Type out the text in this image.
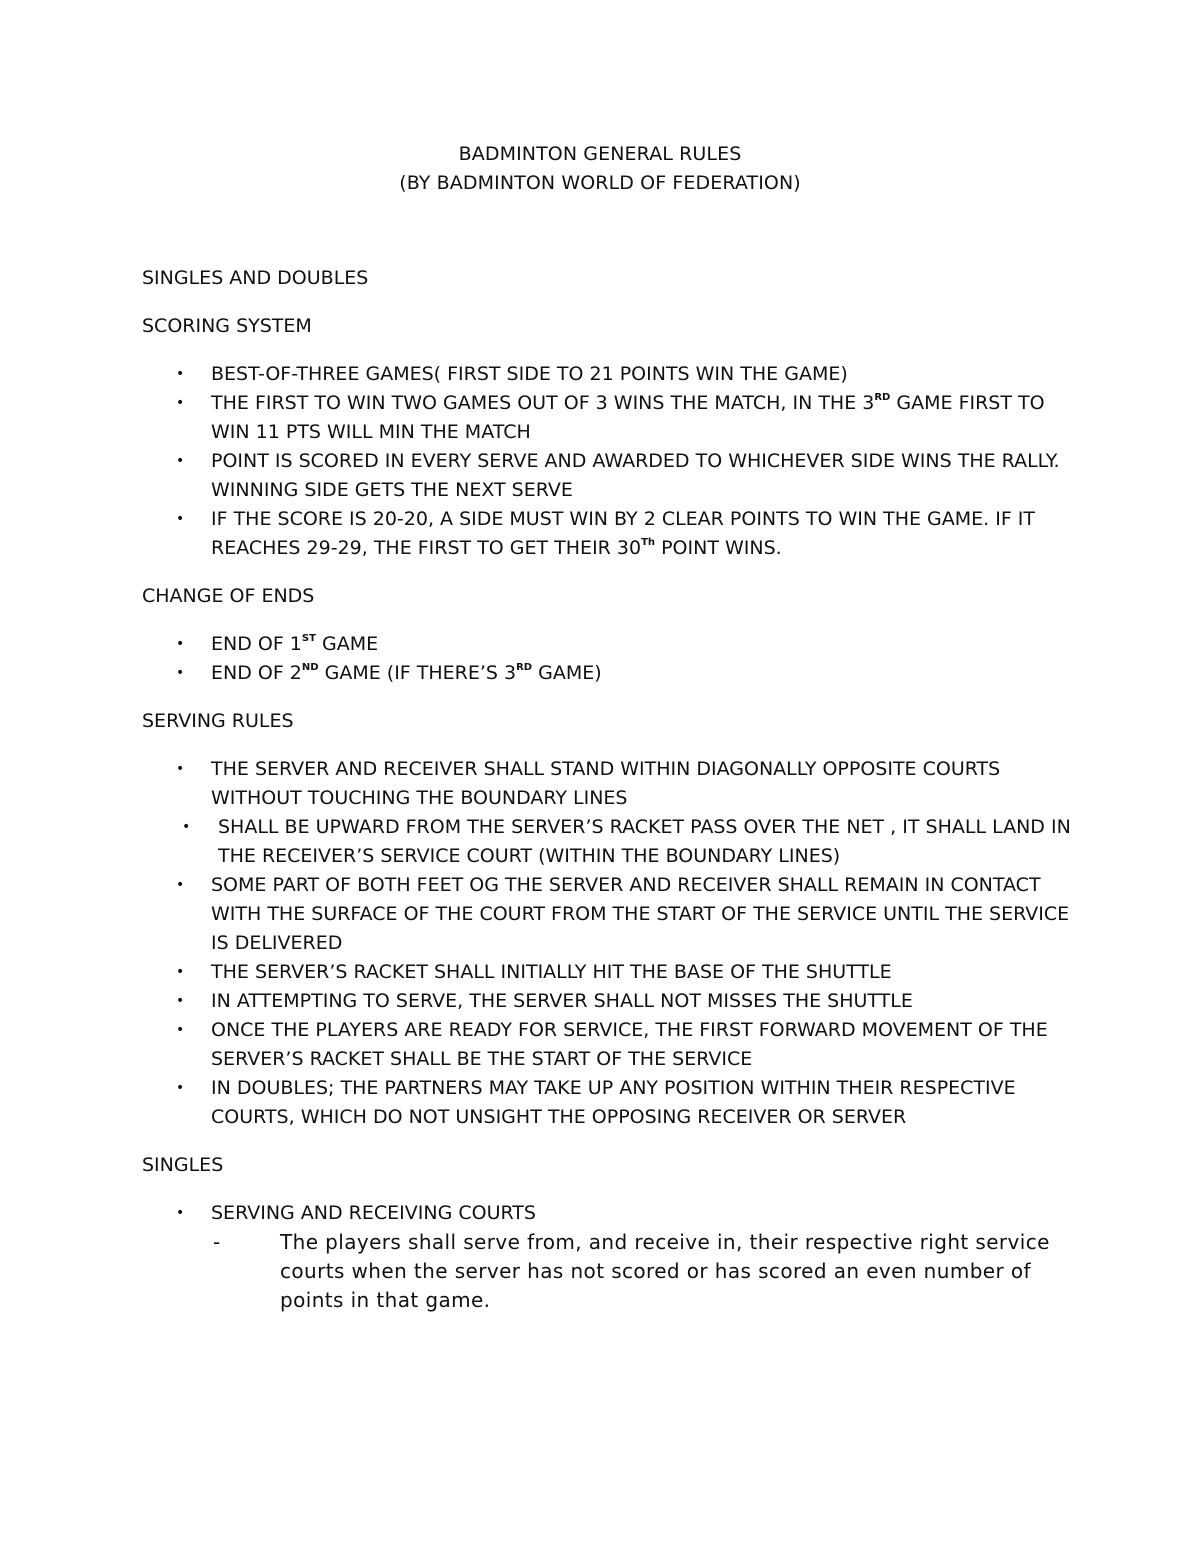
BADMINTON GENERAL RULES
(BY BADMINTON WORLD OF FEDERATION)
SINGLES AND DOUBLES
SCORING SYSTEM
• BEST-OF-THREE GAMES( FIRST SIDE TO 21 POINTS WIN THE GAME)
• THE FIRST TO WIN TWO GAMES OUT OF 3 WINS THE MATCH, IN THE 3RD GAME FIRST TO WIN 11 PTS WILL MIN THE MATCH
• POINT IS SCORED IN EVERY SERVE AND AWARDED TO WHICHEVER SIDE WINS THE RALLY. WINNING SIDE GETS THE NEXT SERVE
• IF THE SCORE IS 20-20, A SIDE MUST WIN BY 2 CLEAR POINTS TO WIN THE GAME. IF IT REACHES 29-29, THE FIRST TO GET THEIR 30Th POINT WINS.
CHANGE OF ENDS
• END OF 1ST GAME
• END OF 2ND GAME (IF THERE’S 3RD GAME)
SERVING RULES
• THE SERVER AND RECEIVER SHALL STAND WITHIN DIAGONALLY OPPOSITE COURTS WITHOUT TOUCHING THE BOUNDARY LINES
• SHALL BE UPWARD FROM THE SERVER’S RACKET PASS OVER THE NET , IT SHALL LAND IN THE RECEIVER’S SERVICE COURT (WITHIN THE BOUNDARY LINES)
• SOME PART OF BOTH FEET OG THE SERVER AND RECEIVER SHALL REMAIN IN CONTACT WITH THE SURFACE OF THE COURT FROM THE START OF THE SERVICE UNTIL THE SERVICE IS DELIVERED
• THE SERVER’S RACKET SHALL INITIALLY HIT THE BASE OF THE SHUTTLE
• IN ATTEMPTING TO SERVE, THE SERVER SHALL NOT MISSES THE SHUTTLE
• ONCE THE PLAYERS ARE READY FOR SERVICE, THE FIRST FORWARD MOVEMENT OF THE SERVER’S RACKET SHALL BE THE START OF THE SERVICE
• IN DOUBLES; THE PARTNERS MAY TAKE UP ANY POSITION WITHIN THEIR RESPECTIVE COURTS, WHICH DO NOT UNSIGHT THE OPPOSING RECEIVER OR SERVER
SINGLES
• SERVING AND RECEIVING COURTS
-	The players shall serve from, and receive in, their respective right service courts when the server has not scored or has scored an even number of points in that game.
